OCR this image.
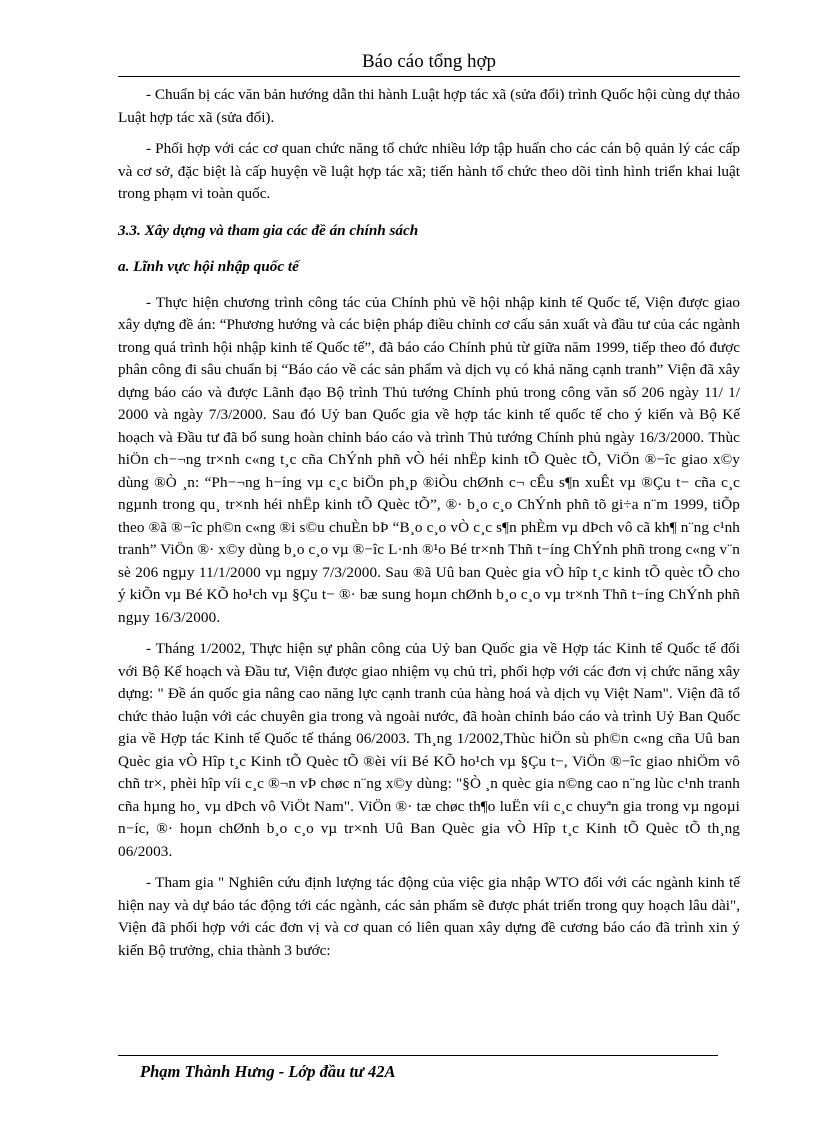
Báo cáo tổng hợp

- Chuẩn bị các văn bản hướng dẫn thi hành Luật hợp tác xã (sửa đổi) trình Quốc hội cùng dự thảo Luật hợp tác xã (sửa đổi).

- Phối hợp với các cơ quan chức năng tổ chức nhiều lớp tập huấn cho các cán bộ quản lý các cấp và cơ sở, đặc biệt là cấp huyện về luật hợp tác xã; tiến hành tổ chức theo dõi tình hình triển khai luật trong phạm vi toàn quốc.

3.3. Xây dựng và tham gia các đề án chính sách
a. Lĩnh vực hội nhập quốc tế

- Thực hiện chương trình công tác của Chính phủ về hội nhập kinh tế Quốc tế, Viện được giao xây dựng đề án: “Phương hướng và các biện pháp điều chỉnh cơ cấu sản xuất và đầu tư của các ngành trong quá trình hội nhập kinh tế Quốc tế”, đã báo cáo Chính phủ từ giữa năm 1999, tiếp theo đó được phân công đi sâu chuẩn bị “Báo cáo về các sản phẩm và dịch vụ có khả năng cạnh tranh” Viện đã xây dựng báo cáo và được Lãnh đạo Bộ trình Thủ tướng Chính phủ trong công văn số 206 ngày 11/ 1/ 2000 và ngày 7/3/2000. Sau đó Uỷ ban Quốc gia về hợp tác kinh tế quốc tế cho ý kiến và Bộ Kế hoạch và Đầu tư đã bổ sung hoàn chỉnh báo cáo và trình Thủ tướng Chính phủ ngày 16/3/2000. Thùc hiÖn ch−¬ng tr×nh c«ng t¸c cña ChÝnh phñ vÒ héi nhËp kinh tÕ Quèc tÕ, ViÖn ®−îc giao x©y dùng ®Ò ¸n: “Ph−¬ng h−íng vµ c¸c biÖn ph¸p ®iÒu chØnh c¬ cÊu s¶n xuÊt vµ ®Çu t− cña c¸c ngµnh trong qu¸ tr×nh héi nhËp kinh tÕ Quèc tÕ”, ®· b¸o c¸o ChÝnh phñ tõ gi÷a n¨m 1999, tiÕp theo ®ã ®−îc ph©n c«ng ®i s©u chuÈn bÞ “B¸o c¸o vÒ c¸c s¶n phÈm vµ dÞch vô cã kh¶ n¨ng c¹nh tranh” ViÖn ®· x©y dùng b¸o c¸o vµ ®−îc L·nh ®¹o Bé tr×nh Thñ t−íng ChÝnh phñ trong c«ng v¨n sè 206 ngµy 11/1/2000 vµ ngµy 7/3/2000. Sau ®ã Uû ban Quèc gia vÒ hîp t¸c kinh tÕ quèc tÕ cho ý kiÕn vµ Bé KÕ ho¹ch vµ §Çu t− ®· bæ sung hoµn chØnh b¸o c¸o vµ tr×nh Thñ t−íng ChÝnh phñ ngµy 16/3/2000.

- Tháng 1/2002, Thực hiện sự phân công của Uỷ ban Quốc gia về Hợp tác Kinh tế Quốc tế đối với Bộ Kế hoạch và Đầu tư, Viện được giao nhiệm vụ chủ trì, phối hợp với các đơn vị chức năng xây dựng: " Đề án quốc gia nâng cao năng lực cạnh tranh của hàng hoá và dịch vụ Việt Nam". Viện đã tổ chức thảo luận với các chuyên gia trong và ngoài nước, đã hoàn chỉnh báo cáo và trình Uỷ Ban Quốc gia về Hợp tác Kinh tế Quốc tế tháng 06/2003. Th¸ng 1/2002,Thùc hiÖn sù ph©n c«ng cña Uû ban Quèc gia vÒ Hîp t¸c Kinh tÕ Quèc tÕ ®èi víi Bé KÕ ho¹ch vµ §Çu t−, ViÖn ®−îc giao nhiÖm vô chñ tr×, phèi hîp víi c¸c ®¬n vÞ chøc n¨ng x©y dùng: "§Ò ¸n quèc gia n©ng cao n¨ng lùc c¹nh tranh cña hµng ho¸ vµ dÞch vô ViÖt Nam". ViÖn ®· tæ chøc th¶o luËn víi c¸c chuyªn gia trong vµ ngoµi n−íc, ®· hoµn chØnh b¸o c¸o vµ tr×nh Uû Ban Quèc gia vÒ Hîp t¸c Kinh tÕ Quèc tÕ th¸ng 06/2003.

- Tham gia " Nghiên cứu định lượng tác động của việc gia nhập WTO đối với các ngành kinh tế hiện nay và dự báo tác động tới các ngành, các sản phẩm sẽ được phát triển trong quy hoạch lâu dài", Viện đã phối hợp với các đơn vị và cơ quan có liên quan xây dựng đề cương báo cáo đã trình xin ý kiến Bộ trưởng, chia thành 3 bước:

Phạm Thành Hưng - Lớp đầu tư 42A
